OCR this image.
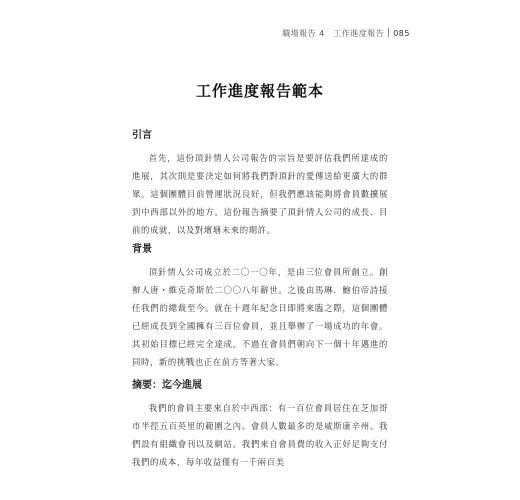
職場報告 4　工作進度報告 085
工作進度報告範本
引言

首先，這份頂針情人公司報告的宗旨是要評估我們所達成的進展，其次則是要決定如何將我們對頂針的愛傳送給更廣大的群眾。這個團體目前營運狀況良好，但我們應該能夠將會員數擴展到中西部以外的地方。這份報告摘要了頂針情人公司的成長、目前的成就，以及對壇塘未來的期許。

背景

頂針情人公司成立於二〇一〇年，是由三位會員所創立。創辦人唐・維克奇斯於二〇〇八年辭世。之後由馬琳．鮑伯帝詩接任我們的總裁至今。就在十週年紀念日即將來臨之際，這個團體已經成長到全國擁有三百位會員，並且舉辦了一場成功的年會。其初始目標已經完全達成，不過在會員們朝向下一個十年邁進的同時，新的挑戰也正在前方等著大家。

摘要：迄今進展

我們的會員主要來自於中西部：有一百位會員居住在芝加哥市半徑五百英里的範圍之內。會員人數最多的是威斯康辛州。我們設有組織會刊以及網站。我們來自會員費的收入正好足夠支付我們的成本，每年收益僅有一千兩百美
